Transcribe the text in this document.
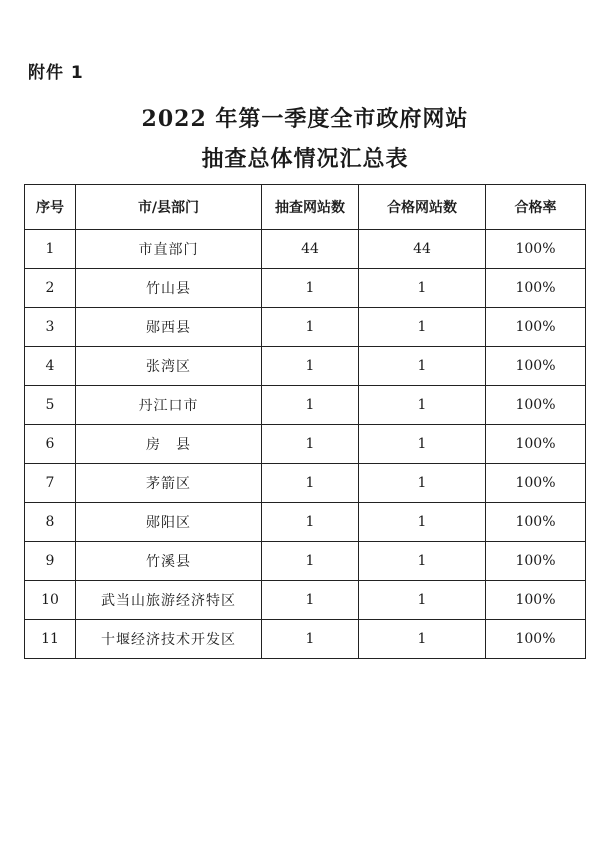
附件 1
2022 年第一季度全市政府网站
抽查总体情况汇总表
序号	市/县部门	抽查网站数	合格网站数	合格率
1	市直部门	44	44	100%
2	竹山县	1	1	100%
3	郧西县	1	1	100%
4	张湾区	1	1	100%
5	丹江口市	1	1	100%
6	房　县	1	1	100%
7	茅箭区	1	1	100%
8	郧阳区	1	1	100%
9	竹溪县	1	1	100%
10	武当山旅游经济特区	1	1	100%
11	十堰经济技术开发区	1	1	100%
